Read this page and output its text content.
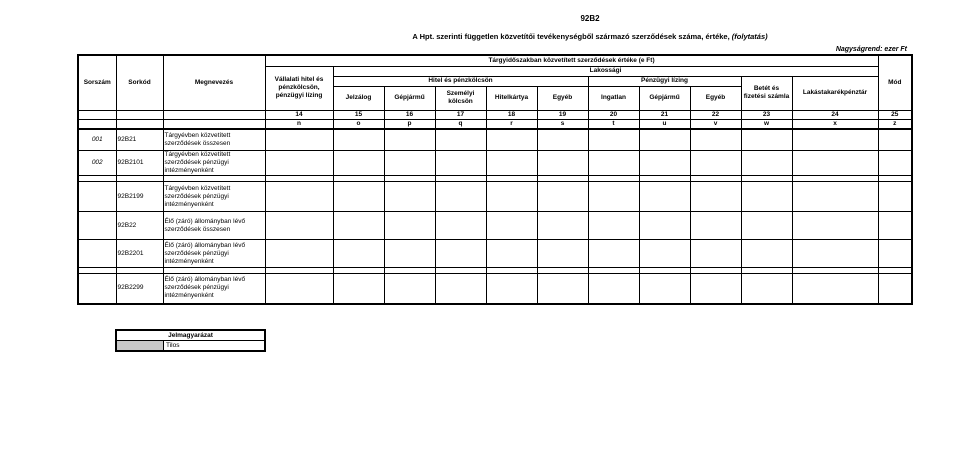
92B2
A Hpt. szerinti független közvetítői tevékenységből származó szerződések száma, értéke, (folytatás)
Nagyságrend: ezer Ft
Sorszám	Sorkód	Megnevezés	Tárgyidőszakban közvetített szerződések értéke (e Ft)											Mód
			Vállalati hitel és pénzkölcsön, pénzügyi lízing	Lakossági										
				Hitel és pénzkölcsön					Pénzügyi lízing			Betét és fizetési számla	Lakástakarékpénztár	
				Jelzálog	Gépjármű	Személyi kölcsön	Hitelkártya	Egyéb	Ingatlan	Gépjármű	Egyéb			
			14	15	16	17	18	19	20	21	22	23	24	25
			n	o	p	q	r	s	t	u	v	w	x	z
001	92B21	Tárgyévben közvetített szerződések összesen												
002	92B2101	Tárgyévben közvetített szerződések pénzügyi intézményenként												

	92B2199	Tárgyévben közvetített szerződések pénzügyi intézményenként												
	92B22	Élő (záró) állományban lévő szerződések összesen												
	92B2201	Élő (záró) állományban lévő szerződések pénzügyi intézményenként												

	92B2299	Élő (záró) állományban lévő szerződések pénzügyi intézményenként												
Jelmagyarázat
	Tilos
